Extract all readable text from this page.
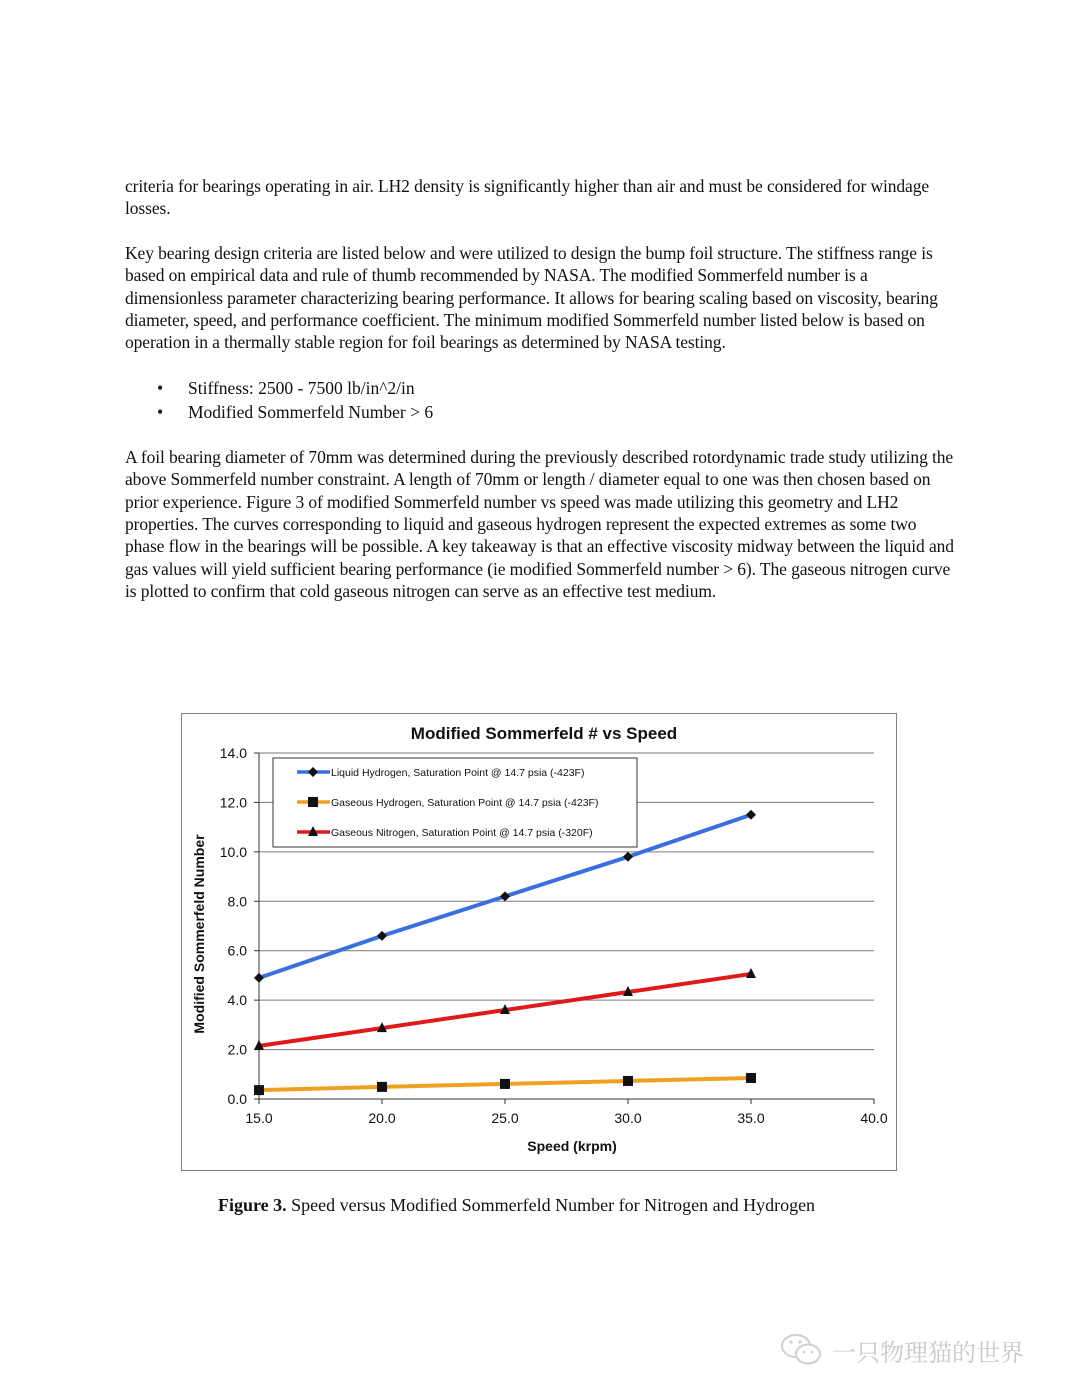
criteria for bearings operating in air. LH2 density is significantly higher than air and must be considered for windage losses.

Key bearing design criteria are listed below and were utilized to design the bump foil structure. The stiffness range is based on empirical data and rule of thumb recommended by NASA. The modified Sommerfeld number is a dimensionless parameter characterizing bearing performance. It allows for bearing scaling based on viscosity, bearing diameter, speed, and performance coefficient. The minimum modified Sommerfeld number listed below is based on operation in a thermally stable region for foil bearings as determined by NASA testing.

• Stiffness: 2500 - 7500 lb/in^2/in
• Modified Sommerfeld Number > 6

A foil bearing diameter of 70mm was determined during the previously described rotordynamic trade study utilizing the above Sommerfeld number constraint. A length of 70mm or length / diameter equal to one was then chosen based on prior experience. Figure 3 of modified Sommerfeld number vs speed was made utilizing this geometry and LH2 properties. The curves corresponding to liquid and gaseous hydrogen represent the expected extremes as some two phase flow in the bearings will be possible. A key takeaway is that an effective viscosity midway between the liquid and gas values will yield sufficient bearing performance (ie modified Sommerfeld number > 6). The gaseous nitrogen curve is plotted to confirm that cold gaseous nitrogen can serve as an effective test medium.

Modified Sommerfeld # vs Speed
0.0
2.0
4.0
6.0
8.0
10.0
12.0
14.0
15.0	20.0	25.0	30.0	35.0	40.0
Speed (krpm)
Modified Sommerfeld Number
Liquid Hydrogen, Saturation Point @ 14.7 psia (-423F)
Gaseous Hydrogen, Saturation Point @ 14.7 psia (-423F)
Gaseous Nitrogen, Saturation Point @ 14.7 psia (-320F)
Figure 3. Speed versus Modified Sommerfeld Number for Nitrogen and Hydrogen
一只物理猫的世界
